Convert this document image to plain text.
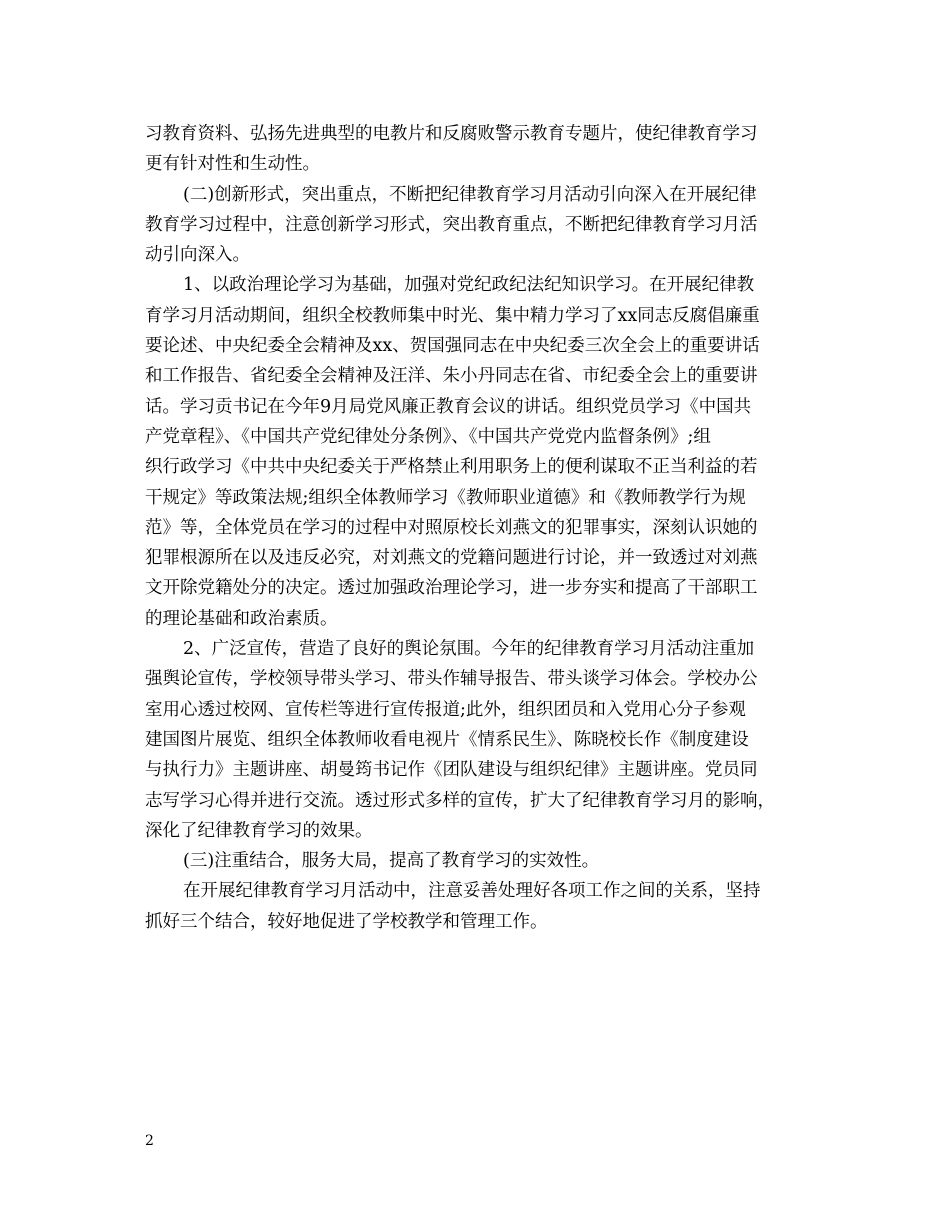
习教育资料、弘扬先进典型的电教片和反腐败警示教育专题片，使纪律教育学习
更有针对性和生动性。
(二)创新形式，突出重点，不断把纪律教育学习月活动引向深入在开展纪律
教育学习过程中，注意创新学习形式，突出教育重点，不断把纪律教育学习月活
动引向深入。
1、以政治理论学习为基础，加强对党纪政纪法纪知识学习。在开展纪律教
育学习月活动期间，组织全校教师集中时光、集中精力学习了xx同志反腐倡廉重
要论述、中央纪委全会精神及xx、贺国强同志在中央纪委三次全会上的重要讲话
和工作报告、省纪委全会精神及汪洋、朱小丹同志在省、市纪委全会上的重要讲
话。学习贡书记在今年9月局党风廉正教育会议的讲话。组织党员学习《中国共
产党章程》、《中国共产党纪律处分条例》、《中国共产党党内监督条例》;组
织行政学习《中共中央纪委关于严格禁止利用职务上的便利谋取不正当利益的若
干规定》等政策法规;组织全体教师学习《教师职业道德》和《教师教学行为规
范》等，全体党员在学习的过程中对照原校长刘燕文的犯罪事实，深刻认识她的
犯罪根源所在以及违反必究，对刘燕文的党籍问题进行讨论，并一致透过对刘燕
文开除党籍处分的决定。透过加强政治理论学习，进一步夯实和提高了干部职工
的理论基础和政治素质。
2、广泛宣传，营造了良好的舆论氛围。今年的纪律教育学习月活动注重加
强舆论宣传，学校领导带头学习、带头作辅导报告、带头谈学习体会。学校办公
室用心透过校网、宣传栏等进行宣传报道;此外，组织团员和入党用心分子参观
建国图片展览、组织全体教师收看电视片《情系民生》、陈晓校长作《制度建设
与执行力》主题讲座、胡曼筠书记作《团队建设与组织纪律》主题讲座。党员同
志写学习心得并进行交流。透过形式多样的宣传，扩大了纪律教育学习月的影响，
深化了纪律教育学习的效果。
(三)注重结合，服务大局，提高了教育学习的实效性。
在开展纪律教育学习月活动中，注意妥善处理好各项工作之间的关系，坚持
抓好三个结合，较好地促进了学校教学和管理工作。
2
